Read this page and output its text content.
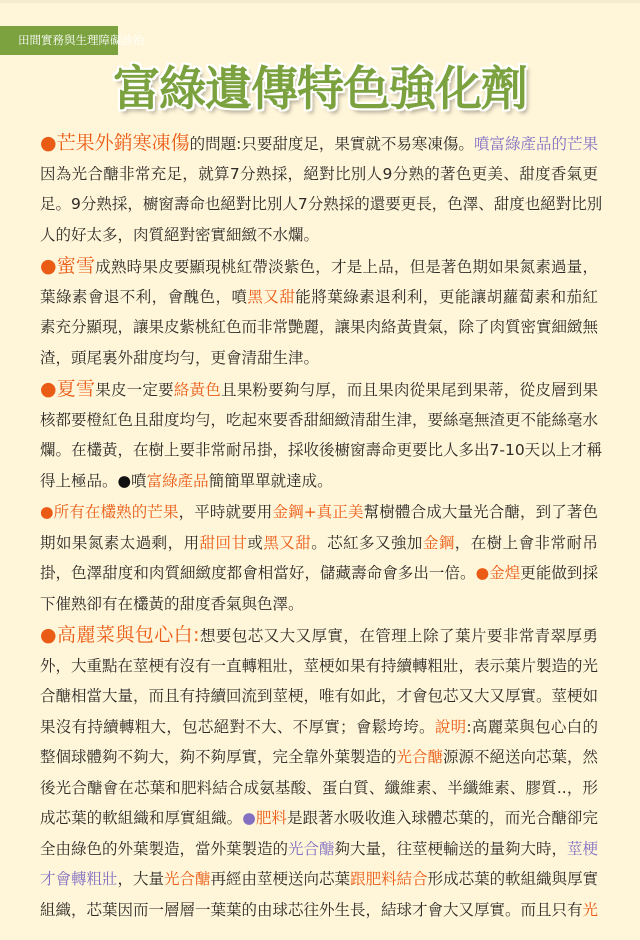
田間實務與生理障礙診治
富綠遺傳特色強化劑
●芒果外銷寒凍傷的問題:只要甜度足，果實就不易寒凍傷。噴富綠產品的芒果
因為光合醣非常充足，就算7分熟採，絕對比別人9分熟的著色更美、甜度香氣更
足。9分熟採，櫥窗壽命也絕對比別人7分熟採的還要更長，色澤、甜度也絕對比別
人的好太多，肉質絕對密實細緻不水爛。
●蜜雪成熟時果皮要顯現桃紅帶淡紫色，才是上品，但是著色期如果氮素過量，
葉綠素會退不利，會醜色，噴黑又甜能將葉綠素退利利，更能讓胡蘿蔔素和茄紅
素充分顯現，讓果皮紫桃紅色而非常艷麗，讓果肉絡黃貴氣，除了肉質密實細緻無
渣，頭尾裏外甜度均勻，更會清甜生津。
●夏雪果皮一定要絡黃色且果粉要夠勻厚，而且果肉從果尾到果蒂，從皮層到果
核都要橙紅色且甜度均勻，吃起來要香甜細緻清甜生津，要絲毫無渣更不能絲毫水
爛。在欉黃，在樹上要非常耐吊掛，採收後櫥窗壽命更要比人多出7-10天以上才稱
得上極品。●噴富綠產品簡簡單單就達成。
●所有在欉熟的芒果，平時就要用金鋼+真正美幫樹體合成大量光合醣，到了著色
期如果氮素太過剩，用甜回甘或黑又甜。芯紅多又強加金鋼，在樹上會非常耐吊
掛，色澤甜度和肉質細緻度都會相當好，儲藏壽命會多出一倍。●金煌更能做到採
下催熟卻有在欉黃的甜度香氣與色澤。
●高麗菜與包心白:想要包芯又大又厚實，在管理上除了葉片要非常青翠厚勇
外，大重點在莖梗有沒有一直轉粗壯，莖梗如果有持續轉粗壯，表示葉片製造的光
合醣相當大量，而且有持續回流到莖梗，唯有如此，才會包芯又大又厚實。莖梗如
果沒有持續轉粗大，包芯絕對不大、不厚實；會鬆垮垮。說明:高麗菜與包心白的
整個球體夠不夠大，夠不夠厚實，完全靠外葉製造的光合醣源源不絕送向芯葉，然
後光合醣會在芯葉和肥料結合成氨基酸、蛋白質、纖維素、半纖維素、膠質..，形
成芯葉的軟組織和厚實組織。●肥料是跟著水吸收進入球體芯葉的，而光合醣卻完
全由綠色的外葉製造，當外葉製造的光合醣夠大量，往莖梗輸送的量夠大時，莖梗
才會轉粗壯，大量光合醣再經由莖梗送向芯葉跟肥料結合形成芯葉的軟組織與厚實
組織，芯葉因而一層層一葉葉的由球芯往外生長，結球才會大又厚實。而且只有光
